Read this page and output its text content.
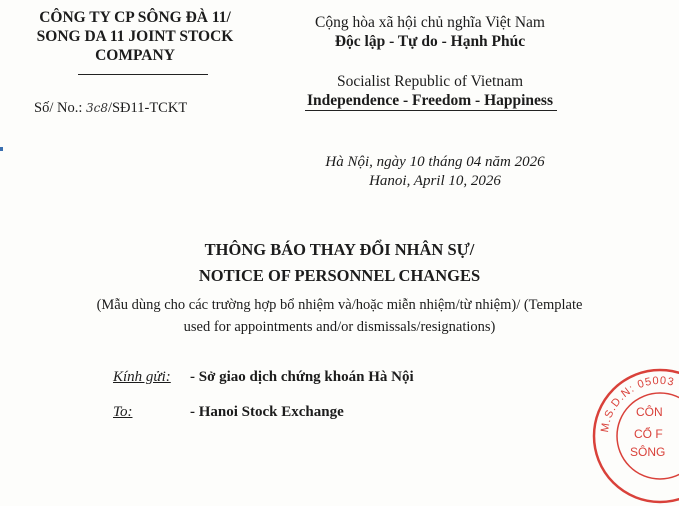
CÔNG TY CP SÔNG ĐÀ 11/
SONG DA 11 JOINT STOCK
COMPANY
Số/ No.: 3c8/SĐ11-TCKT
Cộng hòa xã hội chủ nghĩa Việt Nam
Độc lập - Tự do - Hạnh Phúc
Socialist Republic of Vietnam
Independence - Freedom - Happiness
Hà Nội, ngày 10 tháng 04 năm 2026
Hanoi, April 10, 2026
THÔNG BÁO THAY ĐỔI NHÂN SỰ/
NOTICE OF PERSONNEL CHANGES
(Mẫu dùng cho các trường hợp bổ nhiệm và/hoặc miễn nhiệm/từ nhiệm)/ (Template
used for appointments and/or dismissals/resignations)
Kính gửi: - Sở giao dịch chứng khoán Hà Nội
To:	- Hanoi Stock Exchange
M.S.D.N: 05003
CÔN
CỔ F
SÔNG
